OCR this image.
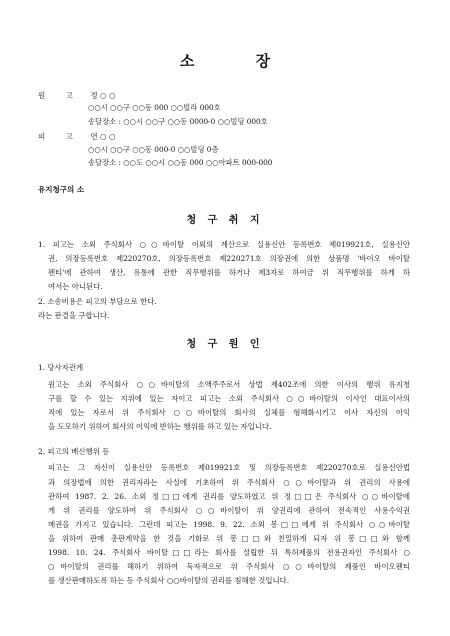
소 장
원 고 정 ○ ○
○○시 ○○구 ○○동 000 ○○빌라 000호
송달장소 : ○○시 ○○구 ○○동 0000-0 ○○빌딩 000호
피 고 연 ○ ○
○○시 ○○구 ○○동 000-0 ○○빌딩 0층
송달장소 : ○○도 ○○시 ○○동 000 ○○아파트 000-000
유지청구의 소
청 구 취 지
1. 피고는 소외 주식회사 ○○바이탈 이외의 계산으로 실용신안 등록번호 제019921호, 실용신안
권, 의장등록번호 제220270호, 의장등록번호 제220271호 의장권에 의한 상품명 '바이오 바이탈
펜티'에 관하여 생산, 유통에 관한 직무행위를 하거나 제3자로 하여금 위 직무행위를 하게 하
여서는 아니된다.
2. 소송비용은 피고의 부담으로 한다.
라는 판결을 구합니다.
청 구 원 인
1. 당사자관계
원고는 소외 주식회사 ○○바이탈의 소액주주로서 상법 제402조에 의한 이사의 행위 유지청
구를 할 수 있는 지위에 있는 자이고 피고는 소외 주식회사 ○○바이탈의 이사인 대표이사의
직에 있는 자로서 위 주식회사 ○○바이탈의 회사의 실체를 형해화시키고 이사 자신의 이익
을 도모하기 위하여 회사의 이익에 반하는 행위를 하고 있는 자입니다.
2. 피고의 배신행위 등
피고는 그 자신이 실용신안 등록번호 제019921호 및 의장등록번호 제220270호로 실용신안법
과 의장법에 의한 권리자라는 사실에 기초하여 위 주식회사 ○○바이탈과 위 권리의 사용에
관하여 1987. 2. 26. 소외 정□□에게 권리를 양도하였고 위 정□□은 주식회사 ○○바이탈에
게 위 권리를 양도하여 위 주식회사 ○○바이탈이 위 양권리에 관하여 전속적인 사용수익권
메권을 가지고 있습니다. 그런데 피고는 1998. 9. 22. 소외 봉□□에게 위 주식회사 ○○바이탈
을 위하여 판매 총판계약을 한 것을 기화로 위 봉□□와 친밀하게 되자 위 봉□□와 함께
1998. 10. 24. 주식회사 바이탈□□라는 회사를 설립한 뒤 특허제품의 전용권자인 주식회사 ○
○바이탈의 권리를 해하기 위하여 독자적으로 위 주식회사 ○○바이탈의 제품인 바이오펜티
를 생산판매하도록 하는 등 주식회사 ○○바이탈의 권리를 침해한 것입니다.
